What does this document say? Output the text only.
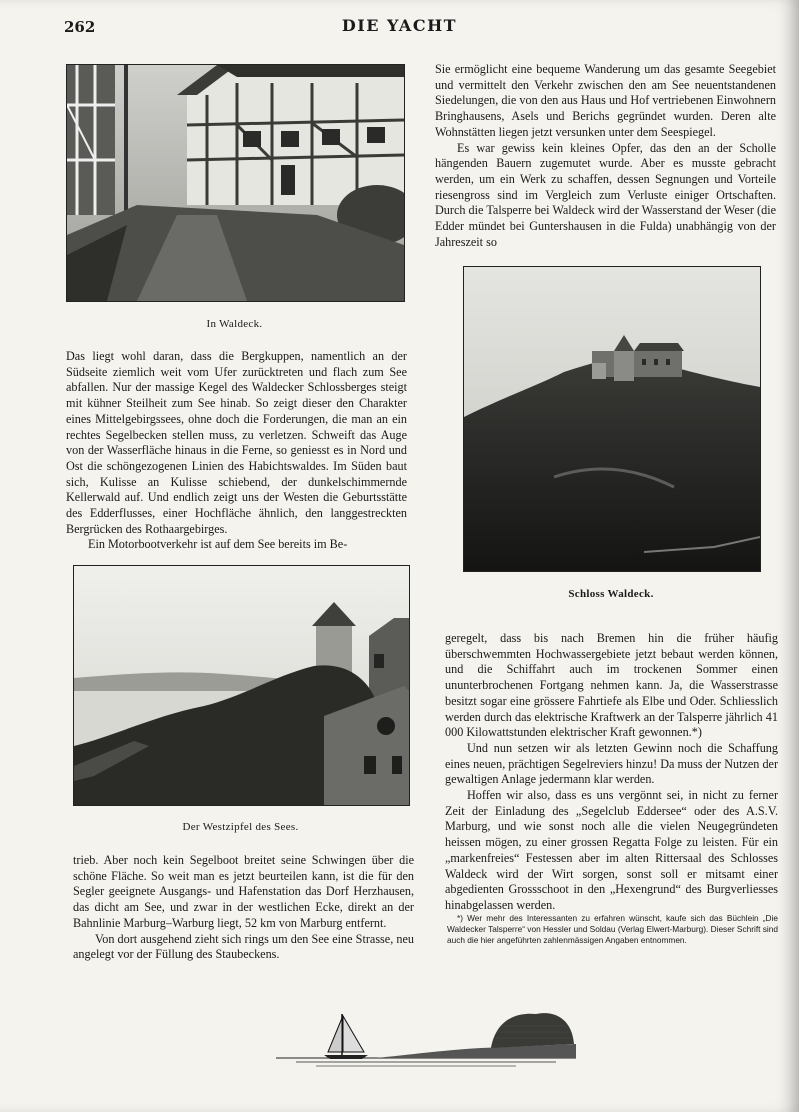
262	DIE YACHT
In Waldeck.

Das liegt wohl daran, dass die Bergkuppen, namentlich an der Südseite ziemlich weit vom Ufer zurücktreten und flach zum See abfallen. Nur der massige Kegel des Waldecker Schlossberges steigt mit kühner Steilheit zum See hinab. So zeigt dieser den Charakter eines Mittelgebirgssees, ohne doch die Forderungen, die man an ein rechtes Segelbecken stellen muss, zu verletzen. Schweift das Auge von der Wasserfläche hinaus in die Ferne, so geniesst es in Nord und Ost die schöngezogenen Linien des Habichtswaldes. Im Süden baut sich, Kulisse an Kulisse schiebend, der dunkelschimmernde Kellerwald auf. Und endlich zeigt uns der Westen die Geburtsstätte des Edderflusses, einer Hochfläche ähnlich, den langgestreckten Bergrücken des Rothaargebirges.

Ein Motorbootverkehr ist auf dem See bereits im Be-

Schloss Waldeck.
Der Westzipfel des Sees.

trieb. Aber noch kein Segelboot breitet seine Schwingen über die schöne Fläche. So weit man es jetzt beurteilen kann, ist die für den Segler geeignete Ausgangs- und Hafenstation das Dorf Herzhausen, das dicht am See, und zwar in der westlichen Ecke, direkt an der Bahnlinie Marburg–Warburg liegt, 52 km von Marburg entfernt.

Von dort ausgehend zieht sich rings um den See eine Strasse, neu angelegt vor der Füllung des Staubeckens.

Sie ermöglicht eine bequeme Wanderung um das gesamte Seegebiet und vermittelt den Verkehr zwischen den am See neuentstandenen Siedelungen, die von den aus Haus und Hof vertriebenen Einwohnern Bringhausens, Asels und Berichs gegründet wurden. Deren alte Wohnstätten liegen jetzt versunken unter dem Seespiegel.

Es war gewiss kein kleines Opfer, das den an der Scholle hängenden Bauern zugemutet wurde. Aber es musste gebracht werden, um ein Werk zu schaffen, dessen Segnungen und Vorteile riesengross sind im Vergleich zum Verluste einiger Ortschaften. Durch die Talsperre bei Waldeck wird der Wasserstand der Weser (die Edder mündet bei Guntershausen in die Fulda) unabhängig von der Jahreszeit so

geregelt, dass bis nach Bremen hin die früher häufig überschwemmten Hochwassergebiete jetzt bebaut werden können, und die Schiffahrt auch im trockenen Sommer einen ununterbrochenen Fortgang nehmen kann. Ja, die Wasserstrasse besitzt sogar eine grössere Fahrtiefe als Elbe und Oder. Schliesslich werden durch das elektrische Kraftwerk an der Talsperre jährlich 41 000 Kilowattstunden elektrischer Kraft gewonnen.*)

Und nun setzen wir als letzten Gewinn noch die Schaffung eines neuen, prächtigen Segelreviers hinzu! Da muss der Nutzen der gewaltigen Anlage jedermann klar werden.

Hoffen wir also, dass es uns vergönnt sei, in nicht zu ferner Zeit der Einladung des „Segelclub Eddersee“ oder des A.S.V. Marburg, und wie sonst noch alle die vielen Neugegründeten heissen mögen, zu einer grossen Regatta Folge zu leisten. Für ein „markenfreies“ Festessen aber im alten Rittersaal des Schlosses Waldeck wird der Wirt sorgen, sonst soll er mitsamt einer abgedienten Grossschoot in den „Hexengrund“ des Burgverliesses hinabgelassen werden.

*) Wer mehr des Interessanten zu erfahren wünscht, kaufe sich das Büchlein „Die Waldecker Talsperre“ von Hessler und Soldau (Verlag Elwert-Marburg). Dieser Schrift sind auch die hier angeführten zahlenmässigen Angaben entnommen.
